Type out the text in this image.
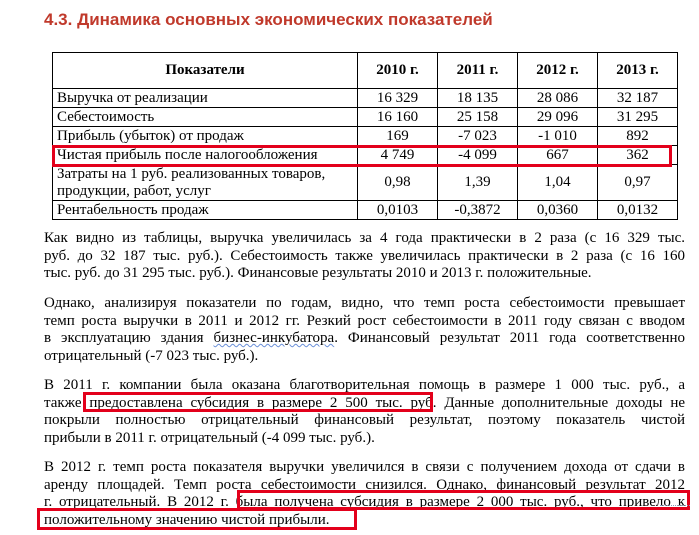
4.3. Динамика основных экономических показателей
Показатели	2010 г.	2011 г.	2012 г.	2013 г.
Выручка от реализации	16 329	18 135	28 086	32 187
Себестоимость	16 160	25 158	29 096	31 295
Прибыль (убыток) от продаж	169	-7 023	-1 010	892
Чистая прибыль после налогообложения	4 749	-4 099	667	362
Затраты на 1 руб. реализованных товаров,
продукции, работ, услуг	0,98	1,39	1,04	0,97
Рентабельность продаж	0,0103	-0,3872	0,0360	0,0132
Как видно из таблицы, выручка увеличилась за 4 года практически в 2 раза (с 16 329 тыс.
руб. до 32 187 тыс. руб.). Себестоимость также увеличилась практически в 2 раза (с 16 160
тыс. руб. до 31 295 тыс. руб.). Финансовые результаты 2010 и 2013 г. положительные.
Однако, анализируя показатели по годам, видно, что темп роста себестоимости превышает
темп роста выручки в 2011 и 2012 гг. Резкий рост себестоимости в 2011 году связан с вводом
в эксплуатацию здания бизнес-инкубатора. Финансовый результат 2011 года соответственно
отрицательный (-7 023 тыс. руб.).
В 2011 г. компании была оказана благотворительная помощь в размере 1 000 тыс. руб., а
также предоставлена субсидия в размере 2 500 тыс. руб. Данные дополнительные доходы не
покрыли полностью отрицательный финансовый результат, поэтому показатель чистой
прибыли в 2011 г. отрицательный (-4 099 тыс. руб.).
В 2012 г. темп роста показателя выручки увеличился в связи с получением дохода от сдачи в
аренду площадей. Темп роста себестоимости снизился. Однако, финансовый результат 2012
г. отрицательный. В 2012 г. была получена субсидия в размере 2 000 тыс. руб., что привело к
положительному значению чистой прибыли.
